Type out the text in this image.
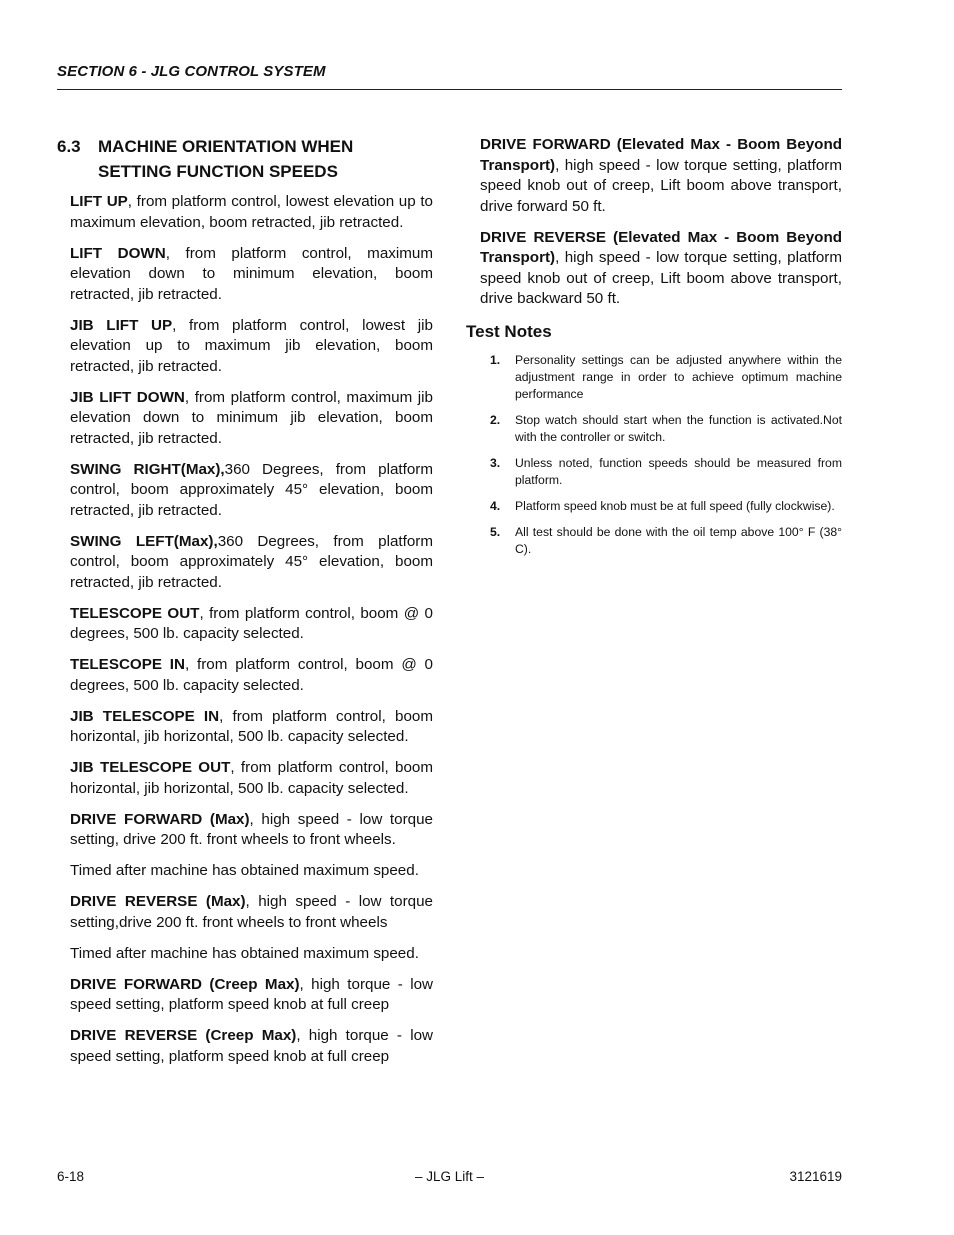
SECTION 6 - JLG CONTROL SYSTEM
6.3 MACHINE ORIENTATION WHEN SETTING FUNCTION SPEEDS

LIFT UP, from platform control, lowest elevation up to maximum elevation, boom retracted, jib retracted.

LIFT DOWN, from platform control, maximum elevation down to minimum elevation, boom retracted, jib retracted.

JIB LIFT UP, from platform control, lowest jib elevation up to maximum jib elevation, boom retracted, jib retracted.

JIB LIFT DOWN, from platform control, maximum jib elevation down to minimum jib elevation, boom retracted, jib retracted.

SWING RIGHT(Max),360 Degrees, from platform control, boom approximately 45° elevation, boom retracted, jib retracted.

SWING LEFT(Max),360 Degrees, from platform control, boom approximately 45° elevation, boom retracted, jib retracted.

TELESCOPE OUT, from platform control, boom @ 0 degrees, 500 lb. capacity selected.

TELESCOPE IN, from platform control, boom @ 0 degrees, 500 lb. capacity selected.

JIB TELESCOPE IN, from platform control, boom horizontal, jib horizontal, 500 lb. capacity selected.

JIB TELESCOPE OUT, from platform control, boom horizontal, jib horizontal, 500 lb. capacity selected.

DRIVE FORWARD (Max), high speed - low torque setting, drive 200 ft. front wheels to front wheels.

Timed after machine has obtained maximum speed.

DRIVE REVERSE (Max), high speed - low torque setting,drive 200 ft. front wheels to front wheels

Timed after machine has obtained maximum speed.

DRIVE FORWARD (Creep Max), high torque - low speed setting, platform speed knob at full creep

DRIVE REVERSE (Creep Max), high torque - low speed setting, platform speed knob at full creep

DRIVE FORWARD (Elevated Max - Boom Beyond Transport), high speed - low torque setting, platform speed knob out of creep, Lift boom above transport, drive forward 50 ft.

DRIVE REVERSE (Elevated Max - Boom Beyond Transport), high speed - low torque setting, platform speed knob out of creep, Lift boom above transport, drive backward 50 ft.

Test Notes
1. Personality settings can be adjusted anywhere within the adjustment range in order to achieve optimum machine performance
2. Stop watch should start when the function is activated.Not with the controller or switch.
3. Unless noted, function speeds should be measured from platform.
4. Platform speed knob must be at full speed (fully clockwise).
5. All test should be done with the oil temp above 100° F (38° C).
6-18	– JLG Lift –	3121619
